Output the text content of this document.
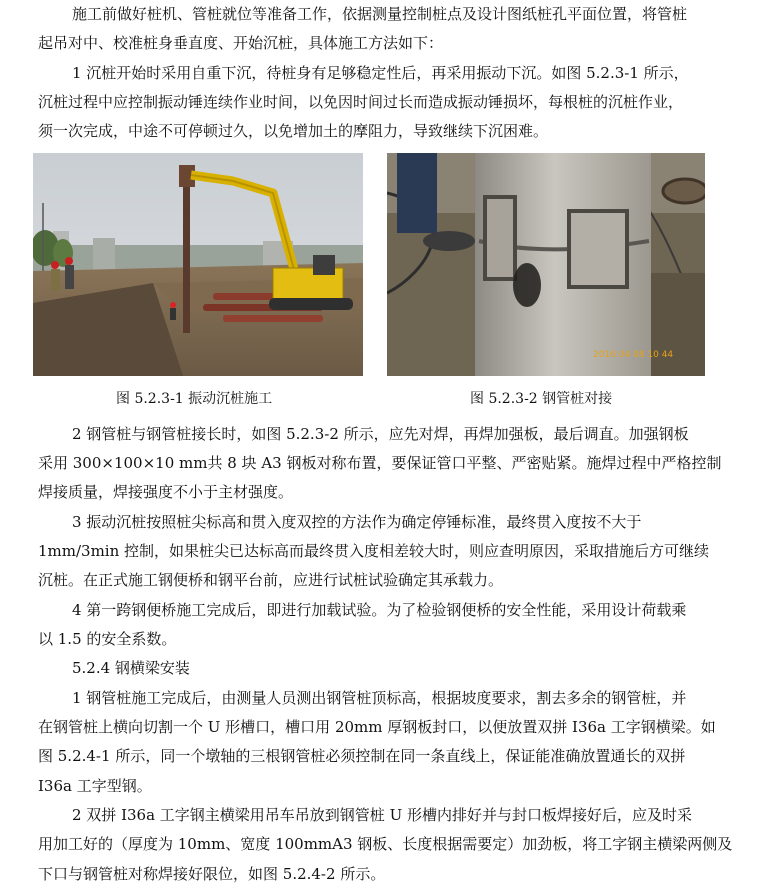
　　施工前做好桩机、管桩就位等准备工作，依据测量控制桩点及设计图纸桩孔平面位置，将管桩
起吊对中、校准桩身垂直度、开始沉桩，具体施工方法如下：
　　1 沉桩开始时采用自重下沉，待桩身有足够稳定性后，再采用振动下沉。如图 5.2.3-1 所示，
沉桩过程中应控制振动锤连续作业时间，以免因时间过长而造成振动锤损坏，每根桩的沉桩作业，
须一次完成，中途不可停顿过久，以免增加土的摩阻力，导致继续下沉困难。
2016 04 08 10 44
图 5.2.3-1 振动沉桩施工	图 5.2.3-2 钢管桩对接
　　2 钢管桩与钢管桩接长时，如图 5.2.3-2 所示，应先对焊，再焊加强板，最后调直。加强钢板
采用 300×100×10 mm共 8 块 A3 钢板对称布置，要保证管口平整、严密贴紧。施焊过程中严格控制
焊接质量，焊接强度不小于主材强度。
　　3 振动沉桩按照桩尖标高和贯入度双控的方法作为确定停锤标准，最终贯入度按不大于
1mm/3min 控制，如果桩尖已达标高而最终贯入度相差较大时，则应查明原因，采取措施后方可继续
沉桩。在正式施工钢便桥和钢平台前，应进行试桩试验确定其承载力。
　　4 第一跨钢便桥施工完成后，即进行加载试验。为了检验钢便桥的安全性能，采用设计荷载乘
以 1.5 的安全系数。
　　5.2.4 钢横梁安装
　　1 钢管桩施工完成后，由测量人员测出钢管桩顶标高，根据坡度要求，割去多余的钢管桩，并
在钢管桩上横向切割一个 U 形槽口，槽口用 20mm 厚钢板封口，以便放置双拼 I36a 工字钢横梁。如
图 5.2.4-1 所示，同一个墩轴的三根钢管桩必须控制在同一条直线上，保证能准确放置通长的双拼
I36a 工字型钢。
　　2 双拼 I36a 工字钢主横梁用吊车吊放到钢管桩 U 形槽内排好并与封口板焊接好后，应及时采
用加工好的（厚度为 10mm、宽度 100mmA3 钢板、长度根据需要定）加劲板，将工字钢主横梁两侧及
下口与钢管桩对称焊接好限位，如图 5.2.4-2 所示。
